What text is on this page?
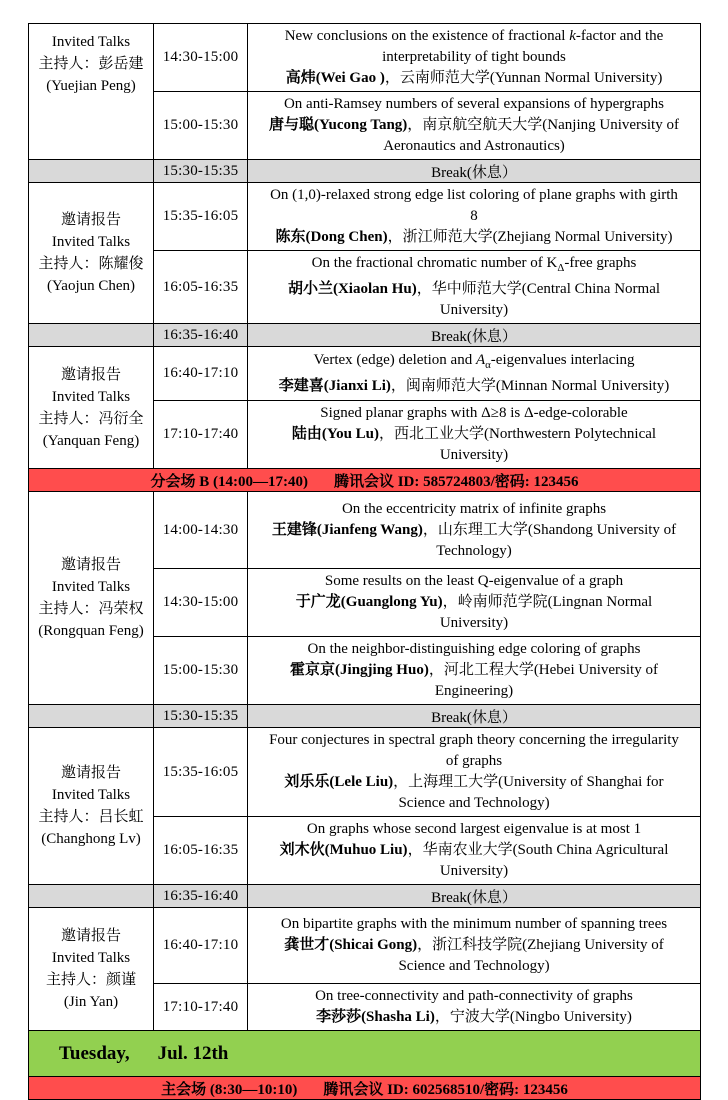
Invited Talks
主持人：彭岳建
(Yuejian Peng)
	14:30-15:00	
New conclusions on the existence of fractional k-factor and the interpretability of tight bounds
高炜(Wei Gao )，云南师范大学(Yunnan Normal University)

	15:00-15:30	On anti-Ramsey numbers of several expansions of hypergraphs
唐与聪(Yucong Tang)，南京航空航天大学(Nanjing University of Aeronautics and Astronautics)

	15:30-15:35	Break(休息）

邀请报告
Invited Talks
主持人：陈耀俊
(Yaojun Chen)
	15:35-16:05	
On (1,0)-relaxed strong edge list coloring of plane graphs with girth 8
陈东(Dong Chen)，浙江师范大学(Zhejiang Normal University)

	16:05-16:35	On the fractional chromatic number of $K_\Delta$-free graphs
胡小兰(Xiaolan Hu)，华中师范大学(Central China Normal University)

	16:35-16:40	Break(休息）

邀请报告
Invited Talks
主持人：冯衍全
(Yanquan Feng)
	16:40-17:10	
Vertex (edge) deletion and $A_\alpha$-eigenvalues interlacing
李建喜(Jianxi Li)，闽南师范大学(Minnan Normal University)

	17:10-17:40	Signed planar graphs with Δ≥8 is Δ-edge-colorable
陆由(You Lu)，西北工业大学(Northwestern Polytechnical University)

分会场 B (14:00—17:40) 腾讯会议 ID: 585724803/密码: 123456		

邀请报告
Invited Talks
主持人：冯荣权
(Rongquan Feng)
	14:00-14:30	
On the eccentricity matrix of infinite graphs
王建锋(Jianfeng Wang)，山东理工大学(Shandong University of Technology)

	14:30-15:00	Some results on the least Q-eigenvalue of a graph
于广龙(Guanglong Yu)，岭南师范学院(Lingnan Normal University)

	15:00-15:30	On the neighbor-distinguishing edge coloring of graphs
霍京京(Jingjing Huo)，河北工程大学(Hebei University of Engineering)

	15:30-15:35	Break(休息）

邀请报告
Invited Talks
主持人：吕长虹
(Changhong Lv)
	15:35-16:05	
Four conjectures in spectral graph theory concerning the irregularity of graphs
刘乐乐(Lele Liu)，上海理工大学(University of Shanghai for Science and Technology)

	16:05-16:35	On graphs whose second largest eigenvalue is at most 1
刘木伙(Muhuo Liu)，华南农业大学(South China Agricultural University)

	16:35-16:40	Break(休息）

邀请报告
Invited Talks
主持人：颜谨
(Jin Yan)
	16:40-17:10	
On bipartite graphs with the minimum number of spanning trees
龚世才(Shicai Gong)，浙江科技学院(Zhejiang University of Science and Technology)

	17:10-17:40	On tree-connectivity and path-connectivity of graphs
李莎莎(Shasha Li)，宁波大学(Ningbo University)

Tuesday, Jul. 12th		
主会场 (8:30—10:10) 腾讯会议 ID: 602568510/密码: 123456		
